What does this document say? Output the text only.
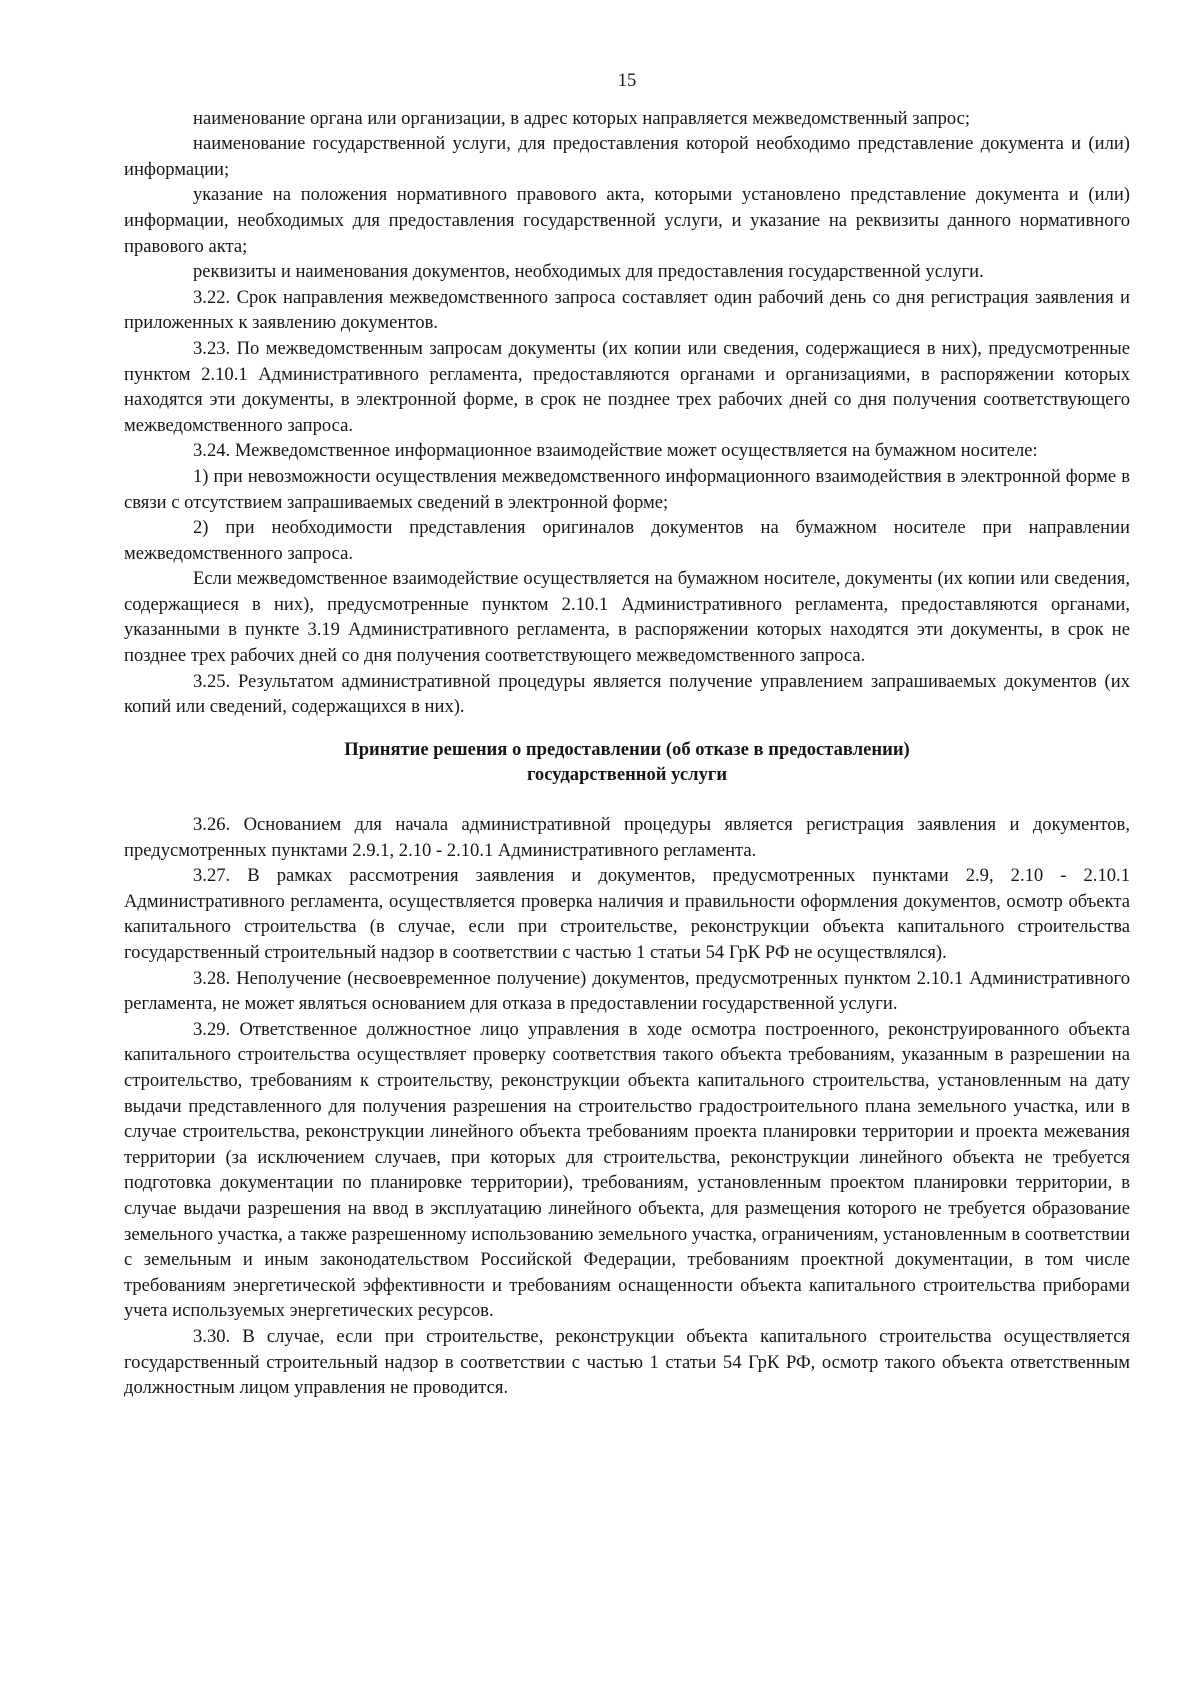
15

наименование органа или организации, в адрес которых направляется межведомственный запрос;

наименование государственной услуги, для предоставления которой необходимо представление документа и (или) информации;

указание на положения нормативного правового акта, которыми установлено представление документа и (или) информации, необходимых для предоставления государственной услуги, и указание на реквизиты данного нормативного правового акта;

реквизиты и наименования документов, необходимых для предоставления государственной услуги.

3.22. Срок направления межведомственного запроса составляет один рабочий день со дня регистрация заявления и приложенных к заявлению документов.

3.23. По межведомственным запросам документы (их копии или сведения, содержащиеся в них), предусмотренные пунктом 2.10.1 Административного регламента, предоставляются органами и организациями, в распоряжении которых находятся эти документы, в электронной форме, в срок не позднее трех рабочих дней со дня получения соответствующего межведомственного запроса.

3.24. Межведомственное информационное взаимодействие может осуществляется на бумажном носителе:

1) при невозможности осуществления межведомственного информационного взаимодействия в электронной форме в связи с отсутствием запрашиваемых сведений в электронной форме;

2) при необходимости представления оригиналов документов на бумажном носителе при направлении межведомственного запроса.

Если межведомственное взаимодействие осуществляется на бумажном носителе, документы (их копии или сведения, содержащиеся в них), предусмотренные пунктом 2.10.1 Административного регламента, предоставляются органами, указанными в пункте 3.19 Административного регламента, в распоряжении которых находятся эти документы, в срок не позднее трех рабочих дней со дня получения соответствующего межведомственного запроса.

3.25. Результатом административной процедуры является получение управлением запрашиваемых документов (их копий или сведений, содержащихся в них).

Принятие решения о предоставлении (об отказе в предоставлении)
государственной услуги

3.26. Основанием для начала административной процедуры является регистрация заявления и документов, предусмотренных пунктами 2.9.1, 2.10 - 2.10.1 Административного регламента.

3.27. В рамках рассмотрения заявления и документов, предусмотренных пунктами 2.9, 2.10 - 2.10.1 Административного регламента, осуществляется проверка наличия и правильности оформления документов, осмотр объекта капитального строительства (в случае, если при строительстве, реконструкции объекта капитального строительства государственный строительный надзор в соответствии с частью 1 статьи 54 ГрК РФ не осуществлялся).

3.28. Неполучение (несвоевременное получение) документов, предусмотренных пунктом 2.10.1 Административного регламента, не может являться основанием для отказа в предоставлении государственной услуги.

3.29. Ответственное должностное лицо управления в ходе осмотра построенного, реконструированного объекта капитального строительства осуществляет проверку соответствия такого объекта требованиям, указанным в разрешении на строительство, требованиям к строительству, реконструкции объекта капитального строительства, установленным на дату выдачи представленного для получения разрешения на строительство градостроительного плана земельного участка, или в случае строительства, реконструкции линейного объекта требованиям проекта планировки территории и проекта межевания территории (за исключением случаев, при которых для строительства, реконструкции линейного объекта не требуется подготовка документации по планировке территории), требованиям, установленным проектом планировки территории, в случае выдачи разрешения на ввод в эксплуатацию линейного объекта, для размещения которого не требуется образование земельного участка, а также разрешенному использованию земельного участка, ограничениям, установленным в соответствии с земельным и иным законодательством Российской Федерации, требованиям проектной документации, в том числе требованиям энергетической эффективности и требованиям оснащенности объекта капитального строительства приборами учета используемых энергетических ресурсов.

3.30. В случае, если при строительстве, реконструкции объекта капитального строительства осуществляется государственный строительный надзор в соответствии с частью 1 статьи 54 ГрК РФ, осмотр такого объекта ответственным должностным лицом управления не проводится.
